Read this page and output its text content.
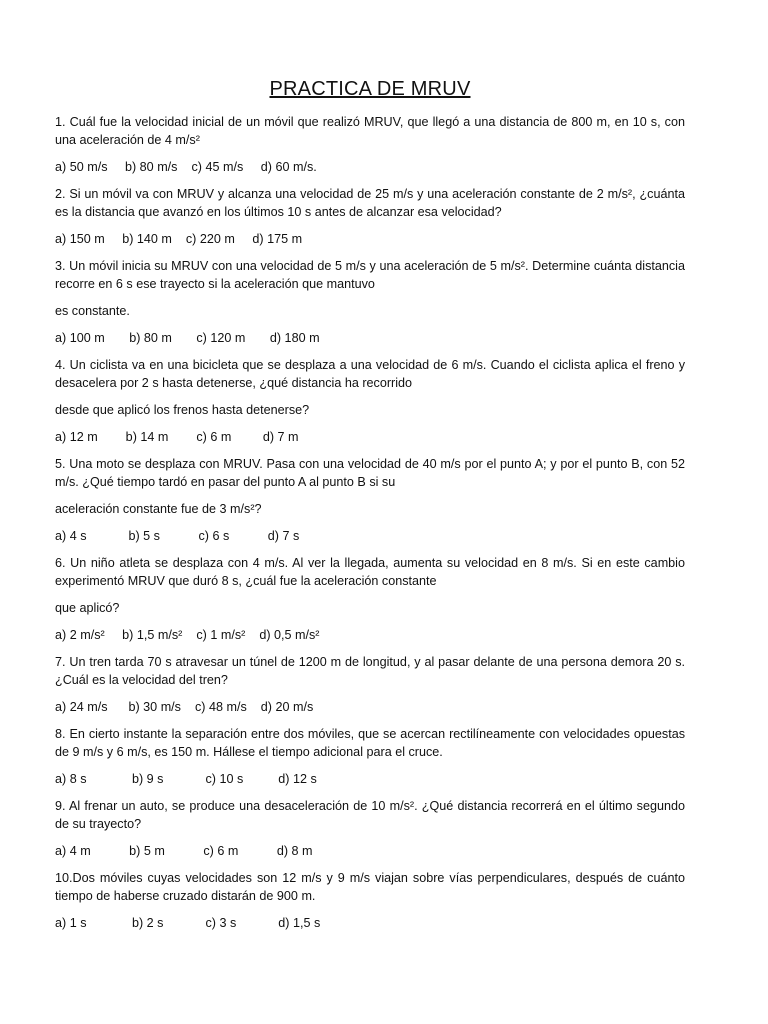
PRACTICA DE MRUV

1. Cuál fue la velocidad inicial de un móvil que realizó MRUV, que llegó a una distancia de 800 m, en 10 s, con una aceleración de 4 m/s²

a) 50 m/s     b) 80 m/s    c) 45 m/s     d) 60 m/s.

2. Si un móvil va con MRUV y alcanza una velocidad de 25 m/s y una aceleración constante de 2 m/s², ¿cuánta es la distancia que avanzó en los últimos 10 s antes de alcanzar esa velocidad?

a) 150 m     b) 140 m    c) 220 m     d) 175 m

3. Un móvil inicia su MRUV con una velocidad de 5 m/s y una aceleración de 5 m/s². Determine cuánta distancia recorre en 6 s ese trayecto si la aceleración que mantuvo

es constante.

a) 100 m       b) 80 m       c) 120 m       d) 180 m

4. Un ciclista va en una bicicleta que se desplaza a una velocidad de 6 m/s. Cuando el ciclista aplica el freno y desacelera por 2 s hasta detenerse, ¿qué distancia ha recorrido

desde que aplicó los frenos hasta detenerse?

a) 12 m        b) 14 m        c) 6 m         d) 7 m

5. Una moto se desplaza con MRUV. Pasa con una velocidad de 40 m/s por el punto A; y por el punto B, con 52 m/s. ¿Qué tiempo tardó en pasar del punto A al punto B si su

aceleración constante fue de 3 m/s²?

a) 4 s            b) 5 s           c) 6 s           d) 7 s

6. Un niño atleta se desplaza con 4 m/s. Al ver la llegada, aumenta su velocidad en 8 m/s. Si en este cambio experimentó MRUV que duró 8 s, ¿cuál fue la aceleración constante

que aplicó?

a) 2 m/s²     b) 1,5 m/s²    c) 1 m/s²    d) 0,5 m/s²

7. Un tren tarda 70 s atravesar un túnel de 1200 m de longitud, y al pasar delante de una persona demora 20 s. ¿Cuál es la velocidad del tren?

a) 24 m/s      b) 30 m/s    c) 48 m/s    d) 20 m/s

8. En cierto instante la separación entre dos móviles, que se acercan rectilíneamente con velocidades opuestas de 9 m/s y 6 m/s, es 150 m. Hállese el tiempo adicional para el cruce.

a) 8 s             b) 9 s            c) 10 s          d) 12 s

9. Al frenar un auto, se produce una desaceleración de 10 m/s². ¿Qué distancia recorrerá en el último segundo de su trayecto?

a) 4 m           b) 5 m           c) 6 m           d) 8 m

10.Dos móviles cuyas velocidades son 12 m/s y 9 m/s viajan sobre vías perpendiculares, después de cuánto tiempo de haberse cruzado distarán de 900 m.

a) 1 s             b) 2 s            c) 3 s            d) 1,5 s
